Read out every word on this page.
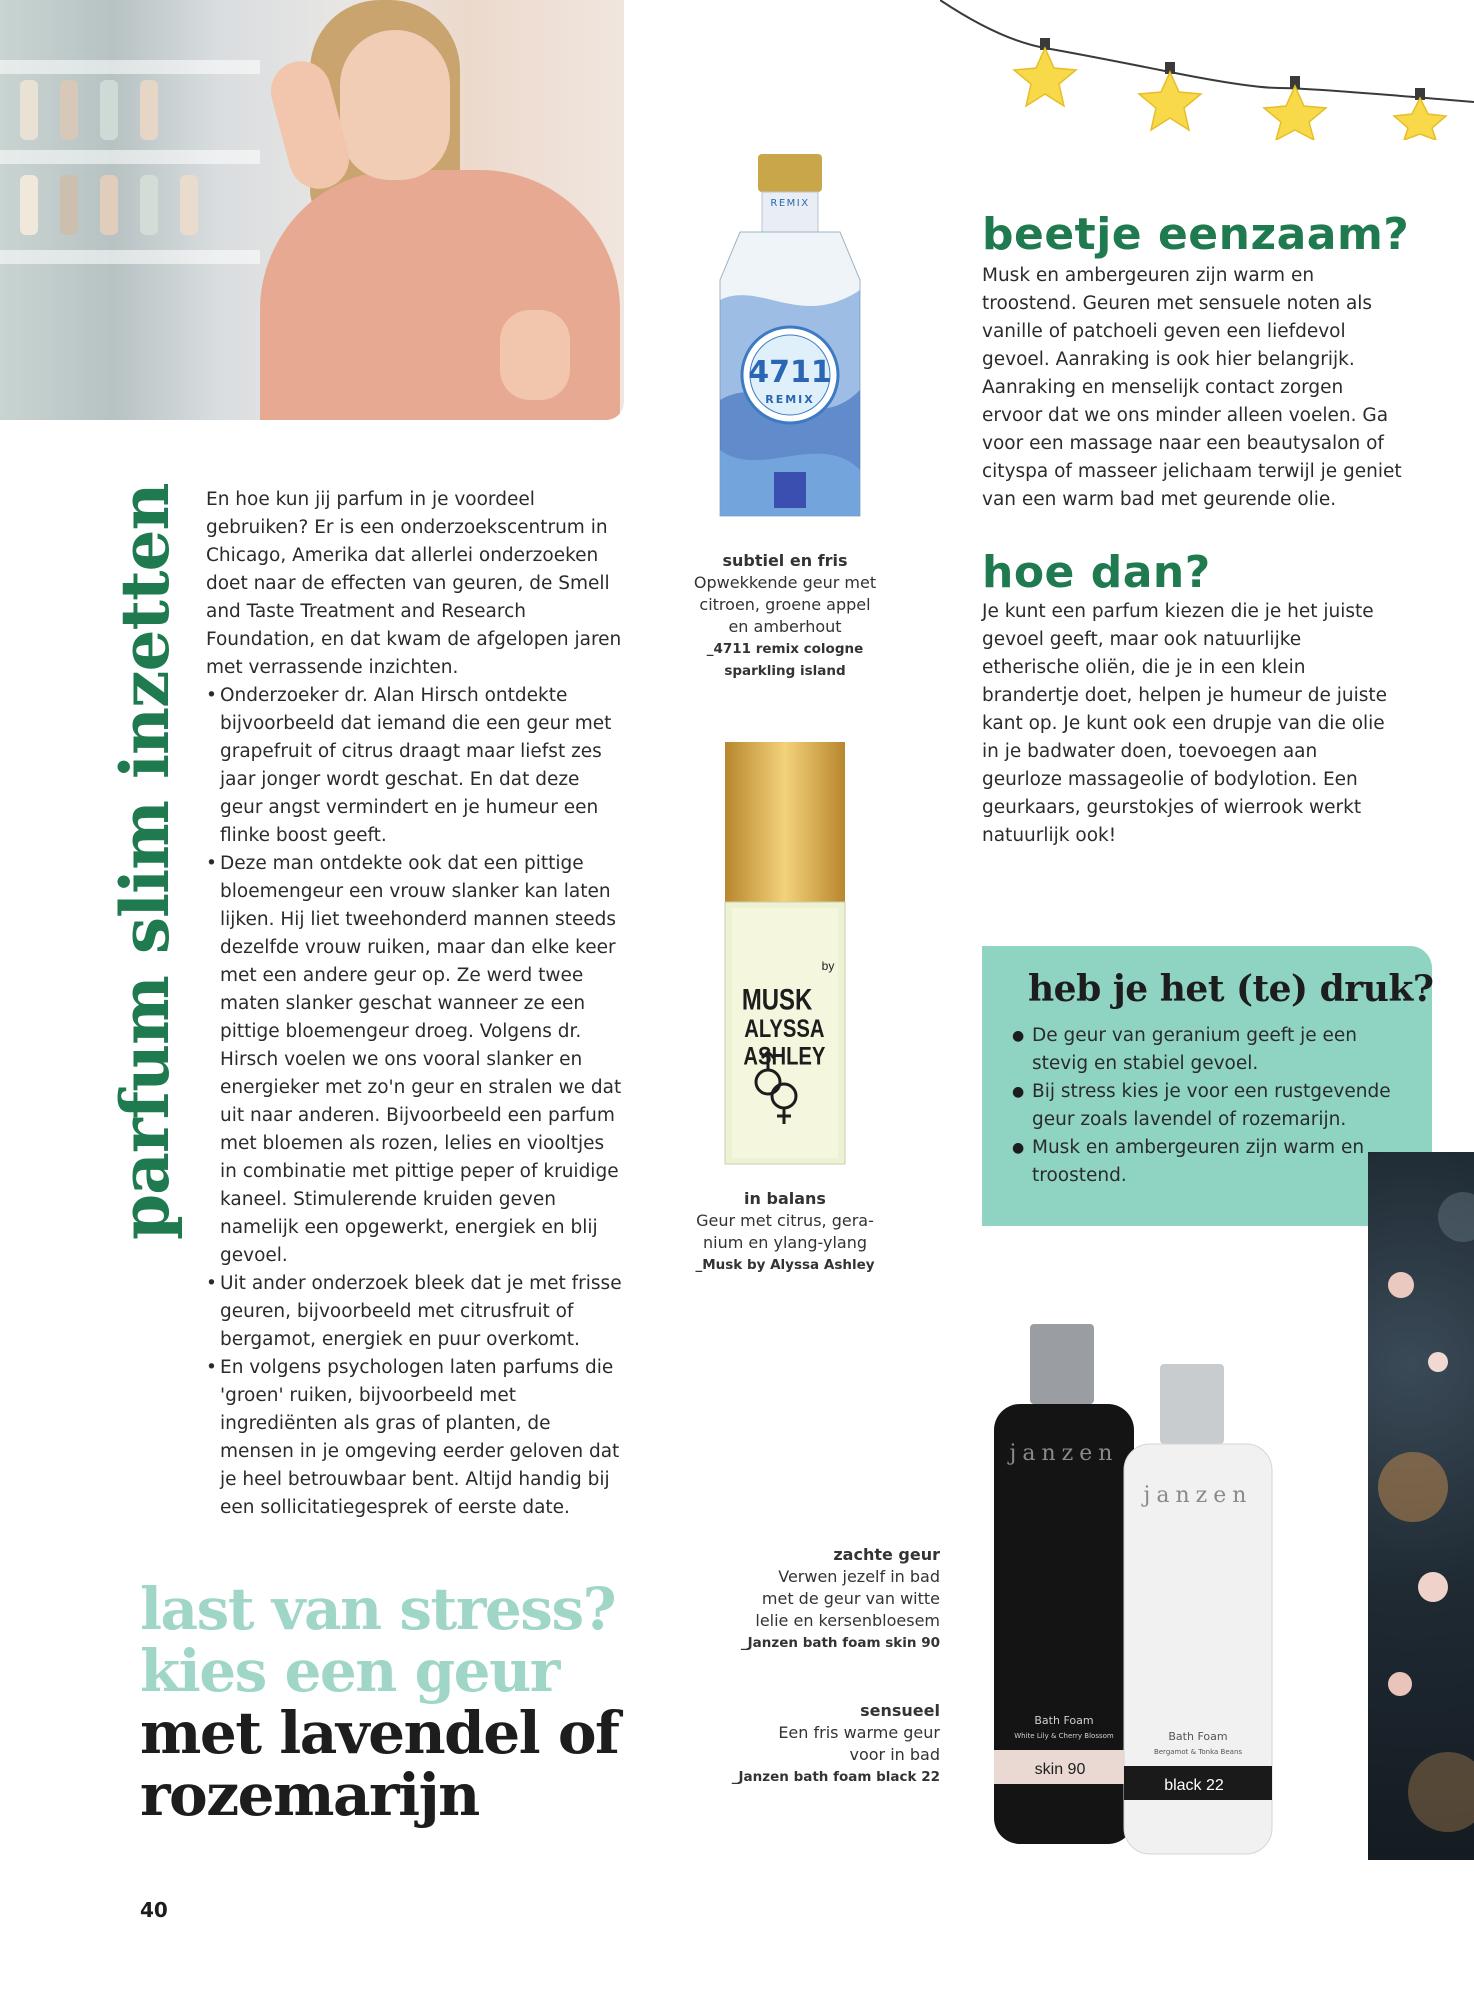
parfum slim inzetten	En hoe kun jij parfum in je voordeel gebruiken? Er is een onderzoekscentrum in Chicago, Amerika dat allerlei onderzoeken doet naar de effecten van geuren, de Smell and Taste Treatment and Research Foundation, en dat kwam de afgelopen jaren met verrassende inzichten.

• Onderzoeker dr. Alan Hirsch ontdekte bijvoorbeeld dat iemand die een geur met grapefruit of citrus draagt maar liefst zes jaar jonger wordt geschat. En dat deze geur angst vermindert en je humeur een flinke boost geeft.
• Deze man ontdekte ook dat een pittige bloemengeur een vrouw slanker kan laten lijken. Hij liet tweehonderd mannen steeds dezelfde vrouw ruiken, maar dan elke keer met een andere geur op. Ze werd twee maten slanker geschat wanneer ze een pittige bloemengeur droeg. Volgens dr. Hirsch voelen we ons vooral slanker en energieker met zo'n geur en stralen we dat uit naar anderen. Bijvoorbeeld een parfum met bloemen als rozen, lelies en viooltjes in combinatie met pittige peper of kruidige kaneel. Stimulerende kruiden geven namelijk een opgewerkt, energiek en blij gevoel.
• Uit ander onderzoek bleek dat je met frisse geuren, bijvoorbeeld met citrusfruit of bergamot, energiek en puur overkomt.
• En volgens psychologen laten parfums die 'groen' ruiken, bijvoorbeeld met ingrediënten als gras of planten, de mensen in je omgeving eerder geloven dat je heel betrouwbaar bent. Altijd handig bij een sollicitatiegesprek of eerste date.
last van stress?
kies een geur
met lavendel of
rozemarijn
40
4711
REMIX
REMIX
subtiel en fris
Opwekkende geur met
citroen, groene appel
en amberhout
_4711 remix cologne
sparkling island
MUSK
by
ALYSSA
ASHLEY
in balans
Geur met citrus, gera-
nium en ylang-ylang
_Musk by Alyssa Ashley
janzen
Bath Foam
White Lily & Cherry Blossom
skin 90
janzen
Bath Foam
Bergamot & Tonka Beans
black 22
zachte geur
Verwen jezelf in bad
met de geur van witte
lelie en kersenbloesem
_Janzen bath foam skin 90
sensueel
Een fris warme geur
voor in bad
_Janzen bath foam black 22
beetje eenzaam?
Musk en ambergeuren zijn warm en troostend. Geuren met sensuele noten als vanille of patchoeli geven een liefdevol gevoel. Aanraking is ook hier belangrijk. Aanraking en menselijk contact zorgen ervoor dat we ons minder alleen voelen. Ga voor een massage naar een beautysalon of cityspa of masseer jelichaam terwijl je geniet van een warm bad met geurende olie.
hoe dan?
Je kunt een parfum kiezen die je het juiste gevoel geeft, maar ook natuurlijke etherische oliën, die je in een klein brandertje doet, helpen je humeur de juiste kant op. Je kunt ook een drupje van die olie in je badwater doen, toevoegen aan geurloze massageolie of bodylotion. Een geurkaars, geurstokjes of wierrook werkt natuurlijk ook!
heb je het (te) druk?
● De geur van geranium geeft je een stevig en stabiel gevoel.
● Bij stress kies je voor een rustgevende geur zoals lavendel of rozemarijn.
● Musk en ambergeuren zijn warm en troostend.
